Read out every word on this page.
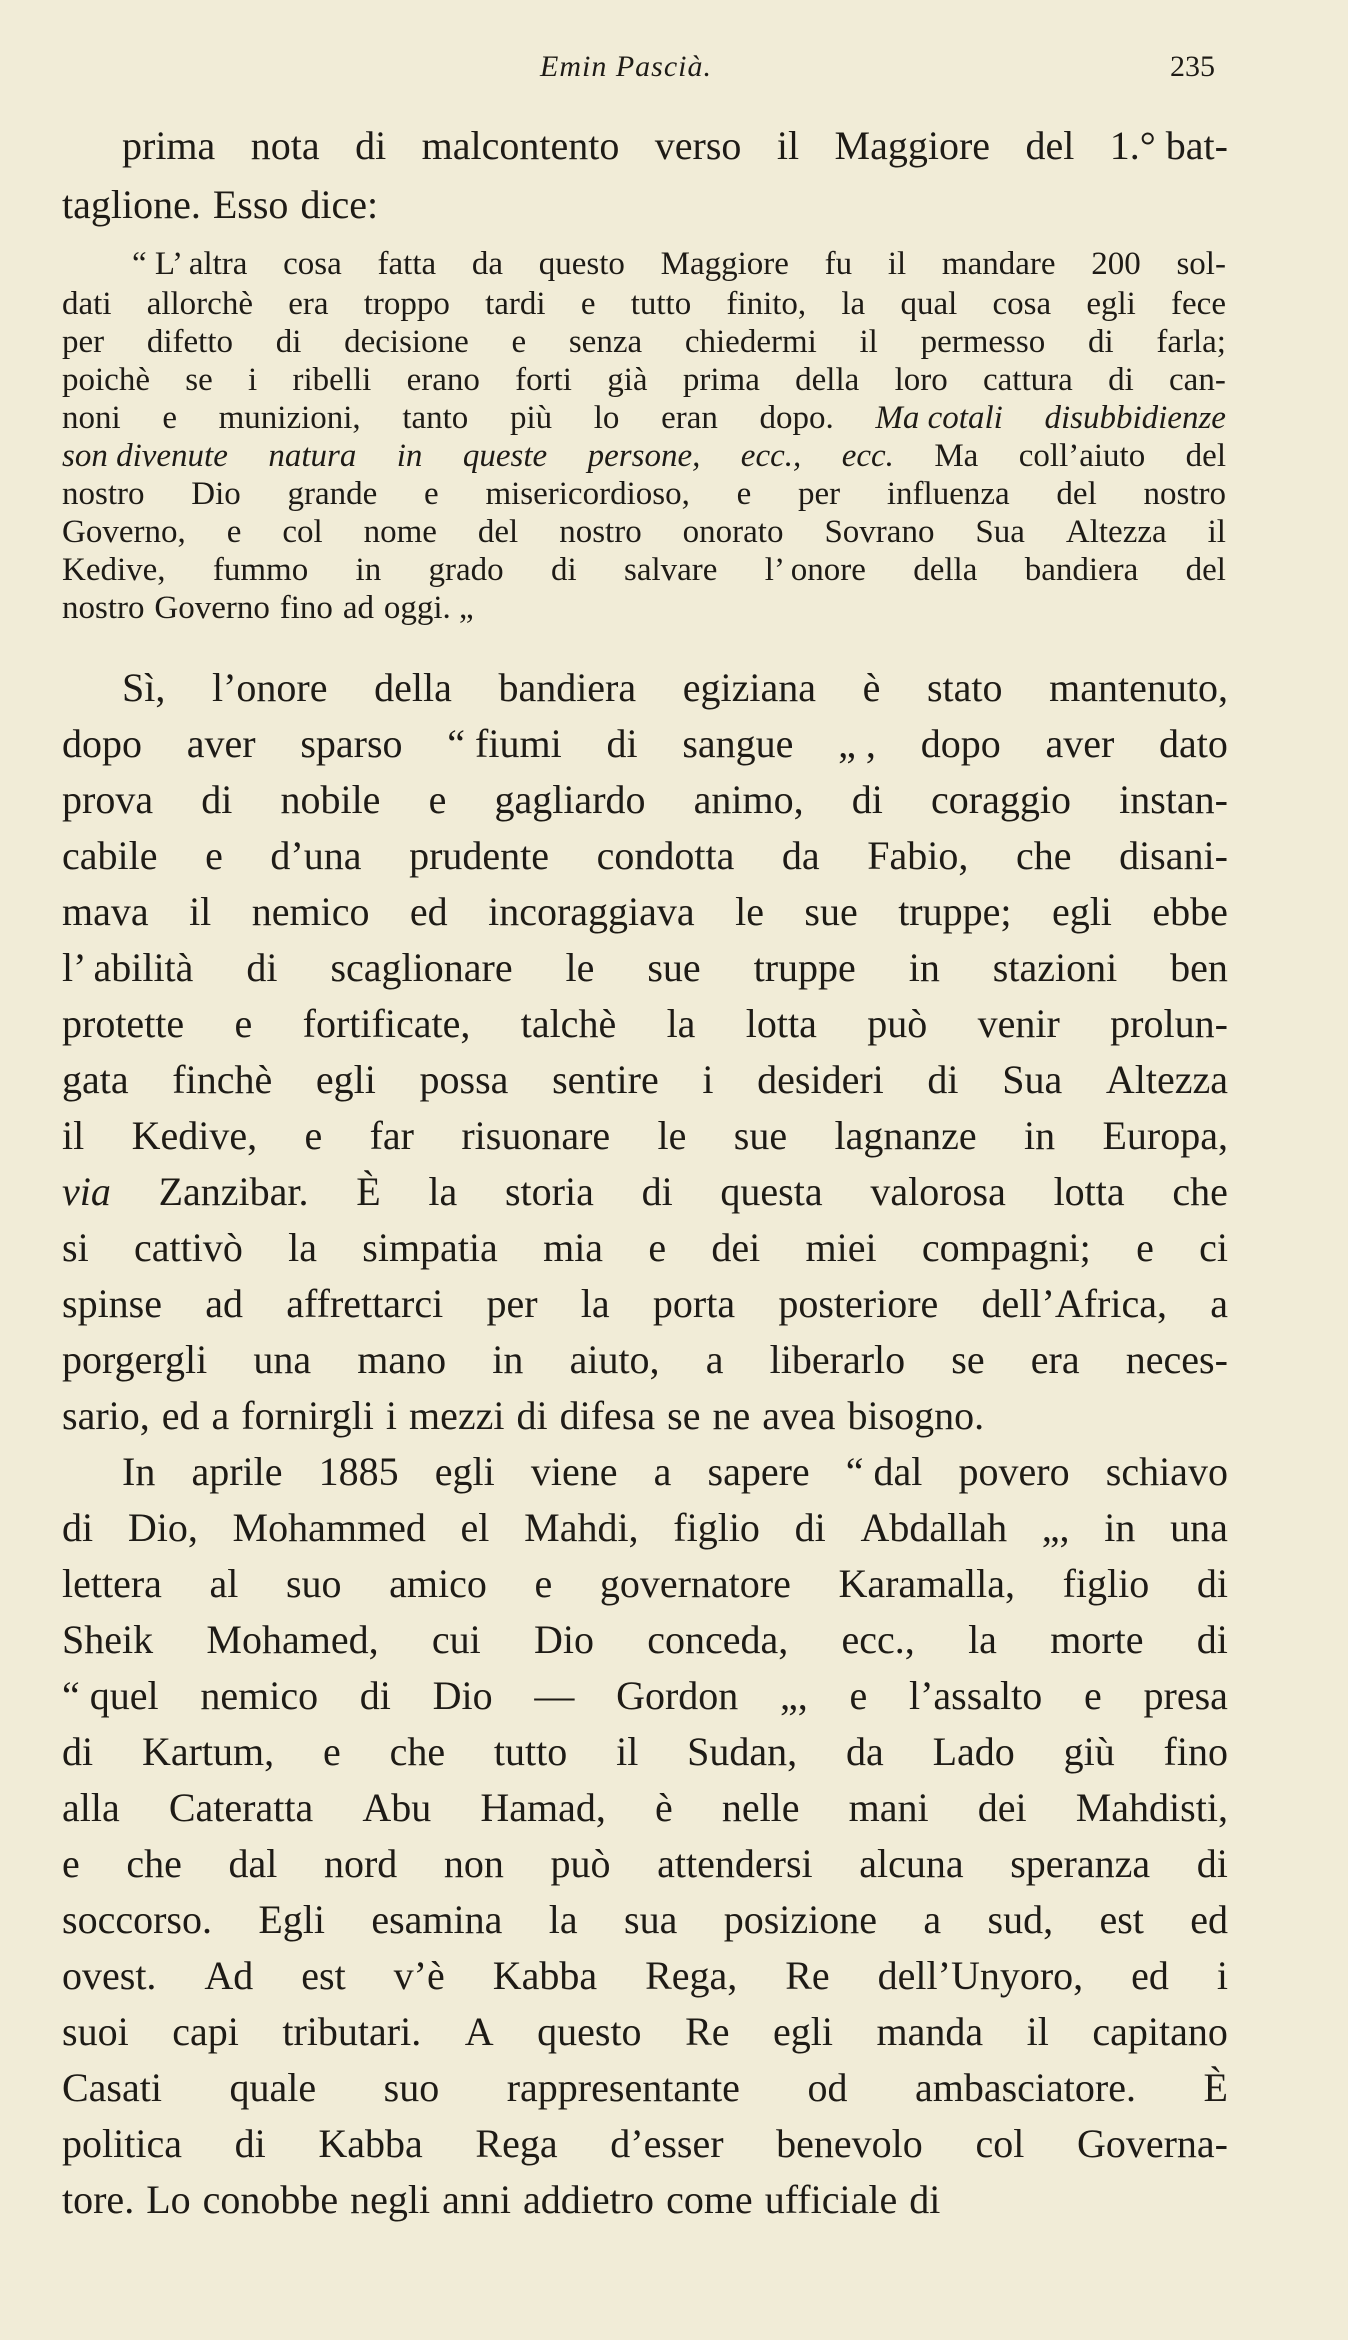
Emin Pascià.	235
prima nota di malcontento verso il Maggiore del 1.° bat-
taglione. Esso dice:
“ L’ altra cosa fatta da questo Maggiore fu il mandare 200 sol-
dati allorchè era troppo tardi e tutto finito, la qual cosa egli fece
per difetto di decisione e senza chiedermi il permesso di farla;
poichè se i ribelli erano forti già prima della loro cattura di can-
noni e munizioni, tanto più lo eran dopo. Ma cotali disubbidienze
son divenute natura in queste persone, ecc., ecc. Ma coll’aiuto del
nostro Dio grande e misericordioso, e per influenza del nostro
Governo, e col nome del nostro onorato Sovrano Sua Altezza il
Kedive, fummo in grado di salvare l’ onore della bandiera del
nostro Governo fino ad oggi. „
Sì, l’onore della bandiera egiziana è stato mantenuto,
dopo aver sparso “ fiumi di sangue „ , dopo aver dato
prova di nobile e gagliardo animo, di coraggio instan-
cabile e d’una prudente condotta da Fabio, che disani-
mava il nemico ed incoraggiava le sue truppe; egli ebbe
l’ abilità di scaglionare le sue truppe in stazioni ben
protette e fortificate, talchè la lotta può venir prolun-
gata finchè egli possa sentire i desideri di Sua Altezza
il Kedive, e far risuonare le sue lagnanze in Europa,
via Zanzibar. È la storia di questa valorosa lotta che
si cattivò la simpatia mia e dei miei compagni; e ci
spinse ad affrettarci per la porta posteriore dell’Africa, a
porgergli una mano in aiuto, a liberarlo se era neces-
sario, ed a fornirgli i mezzi di difesa se ne avea bisogno.
In aprile 1885 egli viene a sapere “ dal povero schiavo
di Dio, Mohammed el Mahdi, figlio di Abdallah „, in una
lettera al suo amico e governatore Karamalla, figlio di
Sheik Mohamed, cui Dio conceda, ecc., la morte di
“ quel nemico di Dio — Gordon „, e l’assalto e presa
di Kartum, e che tutto il Sudan, da Lado giù fino
alla Cateratta Abu Hamad, è nelle mani dei Mahdisti,
e che dal nord non può attendersi alcuna speranza di
soccorso. Egli esamina la sua posizione a sud, est ed
ovest. Ad est v’è Kabba Rega, Re dell’Unyoro, ed i
suoi capi tributari. A questo Re egli manda il capitano
Casati quale suo rappresentante od ambasciatore. È
politica di Kabba Rega d’esser benevolo col Governa-
tore. Lo conobbe negli anni addietro come ufficiale di
